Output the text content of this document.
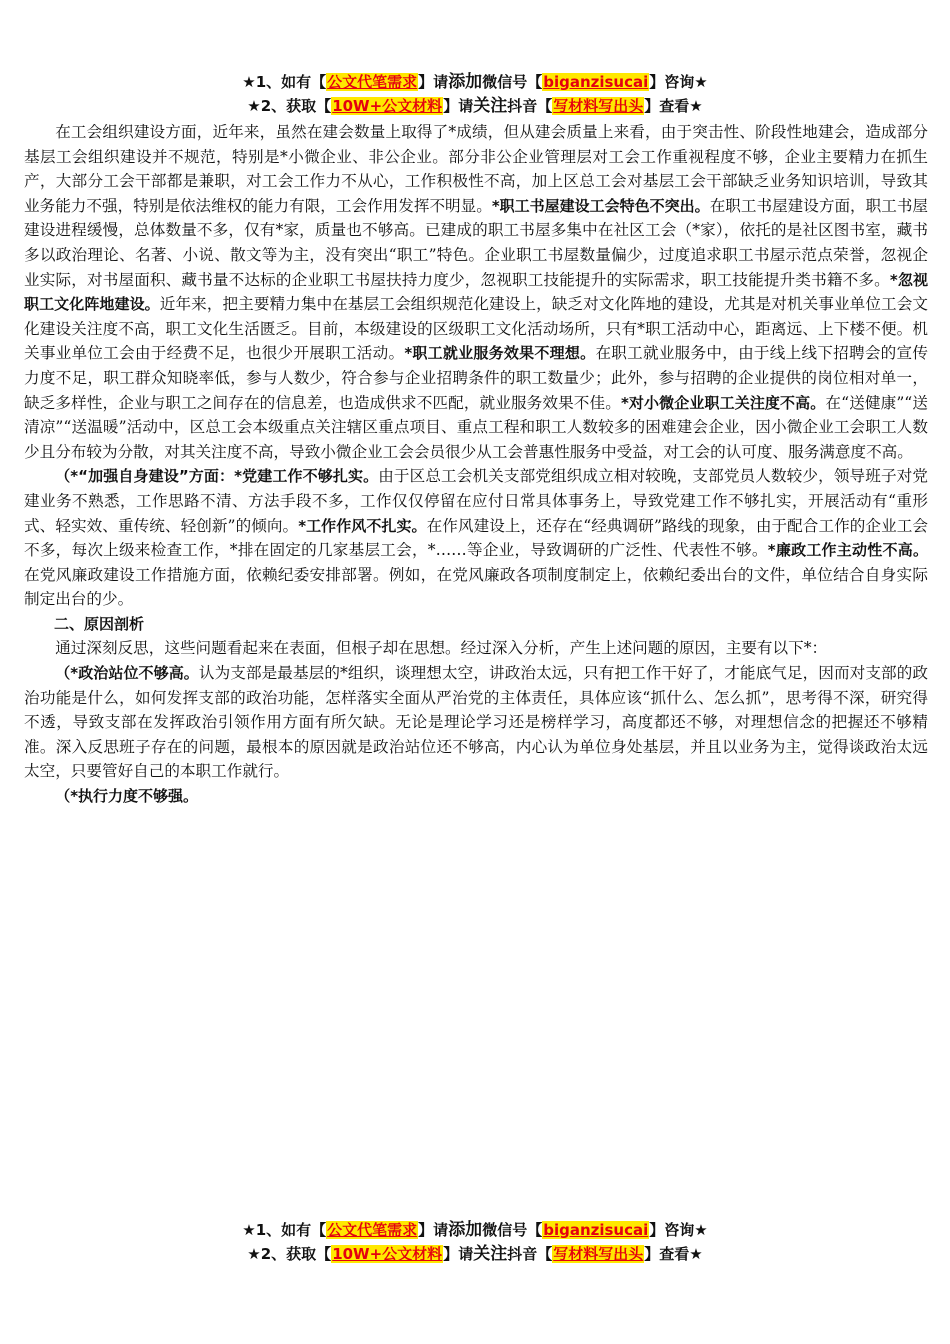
★1、如有【公文代笔需求】请添加微信号【biganzisucai】咨询★
★2、获取【10W+公文材料】请关注抖音【写材料写出头】查看★

在工会组织建设方面，近年来，虽然在建会数量上取得了*成绩，但从建会质量上来看，由于突击性、阶段性地建会，造成部分基层工会组织建设并不规范，特别是*小微企业、非公企业。部分非公企业管理层对工会工作重视程度不够，企业主要精力在抓生产，大部分工会干部都是兼职，对工会工作力不从心，工作积极性不高，加上区总工会对基层工会干部缺乏业务知识培训，导致其业务能力不强，特别是依法维权的能力有限，工会作用发挥不明显。*职工书屋建设工会特色不突出。在职工书屋建设方面，职工书屋建设进程缓慢，总体数量不多，仅有*家，质量也不够高。已建成的职工书屋多集中在社区工会（*家），依托的是社区图书室，藏书多以政治理论、名著、小说、散文等为主，没有突出“职工”特色。企业职工书屋数量偏少，过度追求职工书屋示范点荣誉，忽视企业实际，对书屋面积、藏书量不达标的企业职工书屋扶持力度少，忽视职工技能提升的实际需求，职工技能提升类书籍不多。*忽视职工文化阵地建设。近年来，把主要精力集中在基层工会组织规范化建设上，缺乏对文化阵地的建设，尤其是对机关事业单位工会文化建设关注度不高，职工文化生活匮乏。目前，本级建设的区级职工文化活动场所，只有*职工活动中心，距离远、上下楼不便。机关事业单位工会由于经费不足，也很少开展职工活动。*职工就业服务效果不理想。在职工就业服务中，由于线上线下招聘会的宣传力度不足，职工群众知晓率低，参与人数少，符合参与企业招聘条件的职工数量少；此外，参与招聘的企业提供的岗位相对单一，缺乏多样性，企业与职工之间存在的信息差，也造成供求不匹配，就业服务效果不佳。*对小微企业职工关注度不高。在“送健康”“送清凉”“送温暖”活动中，区总工会本级重点关注辖区重点项目、重点工程和职工人数较多的困难建会企业，因小微企业工会职工人数少且分布较为分散，对其关注度不高，导致小微企业工会会员很少从工会普惠性服务中受益，对工会的认可度、服务满意度不高。

（*“加强自身建设”方面：*党建工作不够扎实。由于区总工会机关支部党组织成立相对较晚，支部党员人数较少，领导班子对党建业务不熟悉，工作思路不清、方法手段不多，工作仅仅停留在应付日常具体事务上，导致党建工作不够扎实，开展活动有“重形式、轻实效、重传统、轻创新”的倾向。*工作作风不扎实。在作风建设上，还存在“经典调研”路线的现象，由于配合工作的企业工会不多，每次上级来检查工作，*排在固定的几家基层工会，*……等企业，导致调研的广泛性、代表性不够。*廉政工作主动性不高。在党风廉政建设工作措施方面，依赖纪委安排部署。例如，在党风廉政各项制度制定上，依赖纪委出台的文件，单位结合自身实际制定出台的少。

二、原因剖析

通过深刻反思，这些问题看起来在表面，但根子却在思想。经过深入分析，产生上述问题的原因，主要有以下*：

（*政治站位不够高。认为支部是最基层的*组织，谈理想太空，讲政治太远，只有把工作干好了，才能底气足，因而对支部的政治功能是什么，如何发挥支部的政治功能，怎样落实全面从严治党的主体责任，具体应该“抓什么、怎么抓”，思考得不深，研究得不透，导致支部在发挥政治引领作用方面有所欠缺。无论是理论学习还是榜样学习，高度都还不够，对理想信念的把握还不够精准。深入反思班子存在的问题，最根本的原因就是政治站位还不够高，内心认为单位身处基层，并且以业务为主，觉得谈政治太远太空，只要管好自己的本职工作就行。

（*执行力度不够强。

★1、如有【公文代笔需求】请添加微信号【biganzisucai】咨询★
★2、获取【10W+公文材料】请关注抖音【写材料写出头】查看★
